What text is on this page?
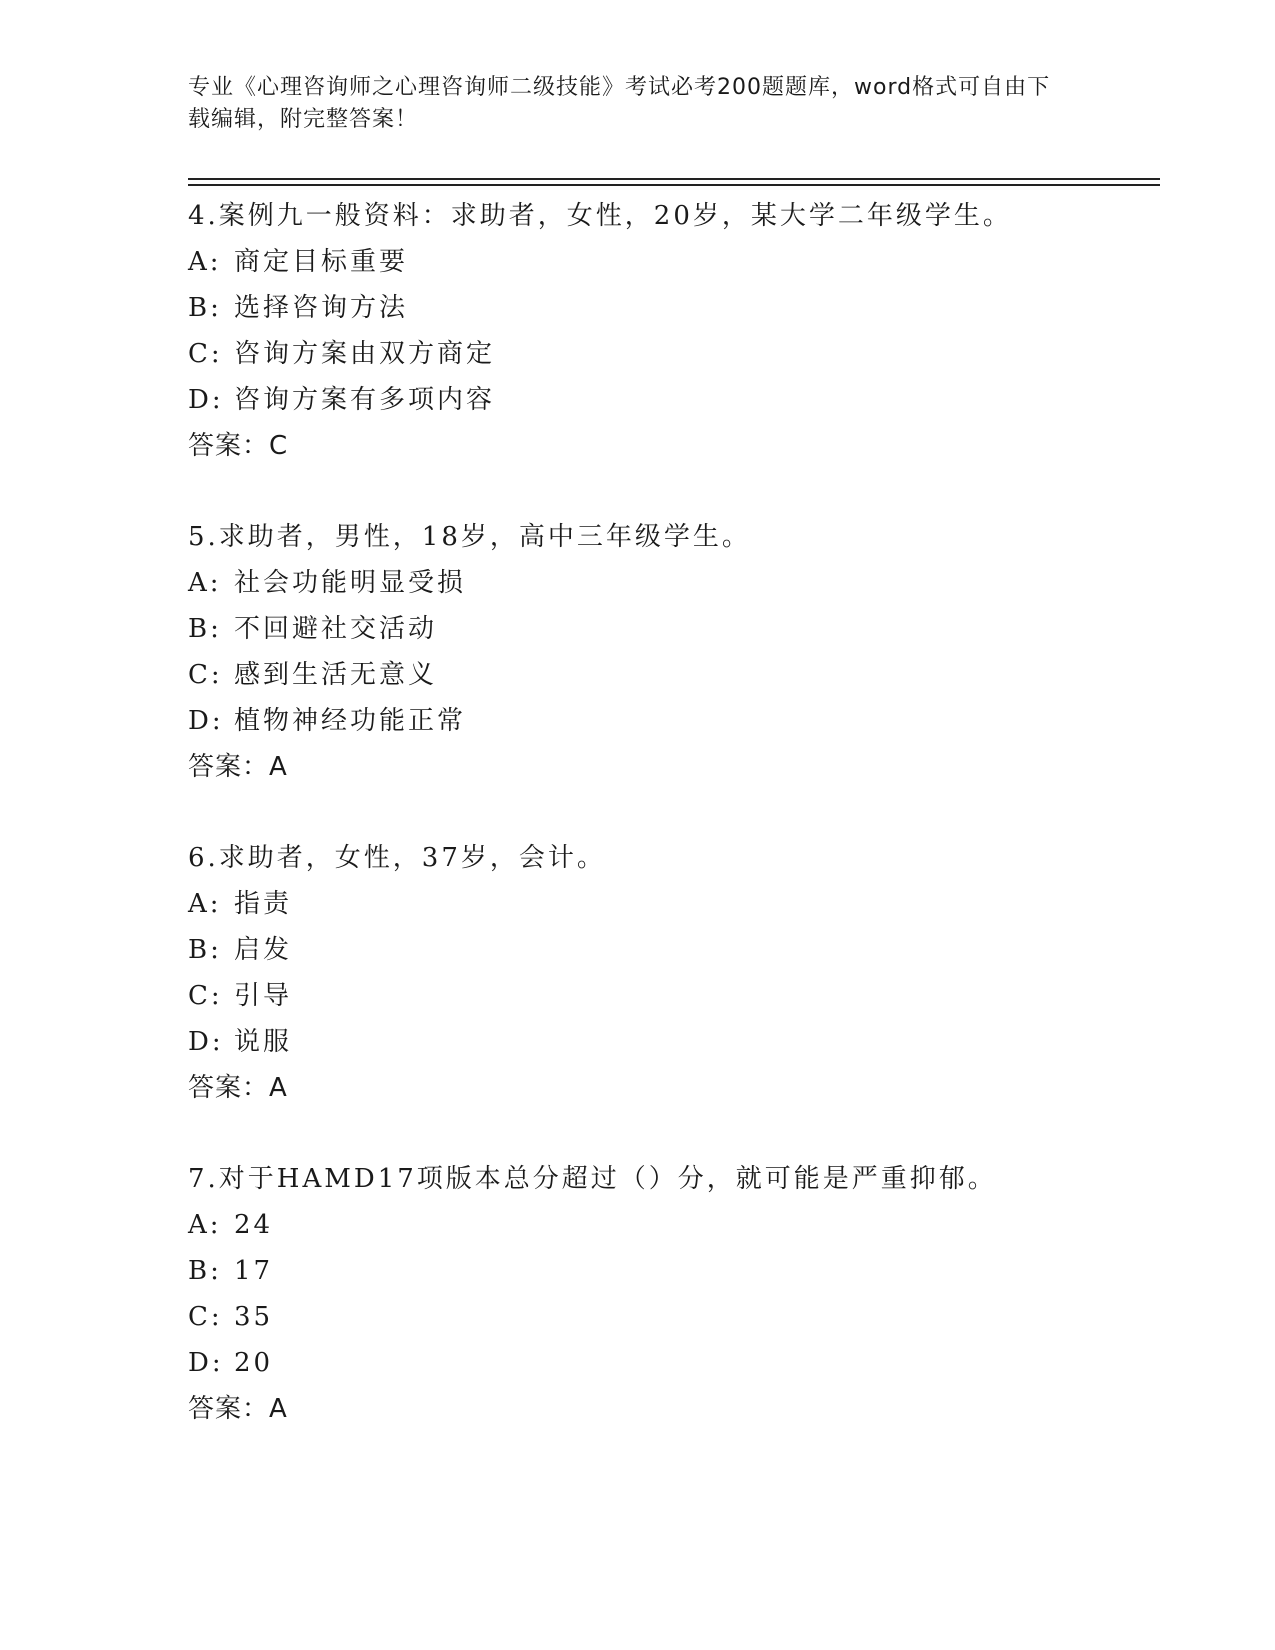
专业《心理咨询师之心理咨询师二级技能》考试必考200题题库，word格式可自由下载编辑，附完整答案！
4.案例九一般资料：求助者，女性，20岁，某大学二年级学生。
A: 商定目标重要
B: 选择咨询方法
C: 咨询方案由双方商定
D: 咨询方案有多项内容
答案：C
5.求助者，男性，18岁，高中三年级学生。
A: 社会功能明显受损
B: 不回避社交活动
C: 感到生活无意义
D: 植物神经功能正常
答案：A
6.求助者，女性，37岁，会计。
A: 指责
B: 启发
C: 引导
D: 说服
答案：A
7.对于HAMD17项版本总分超过（）分，就可能是严重抑郁。
A: 24
B: 17
C: 35
D: 20
答案：A
